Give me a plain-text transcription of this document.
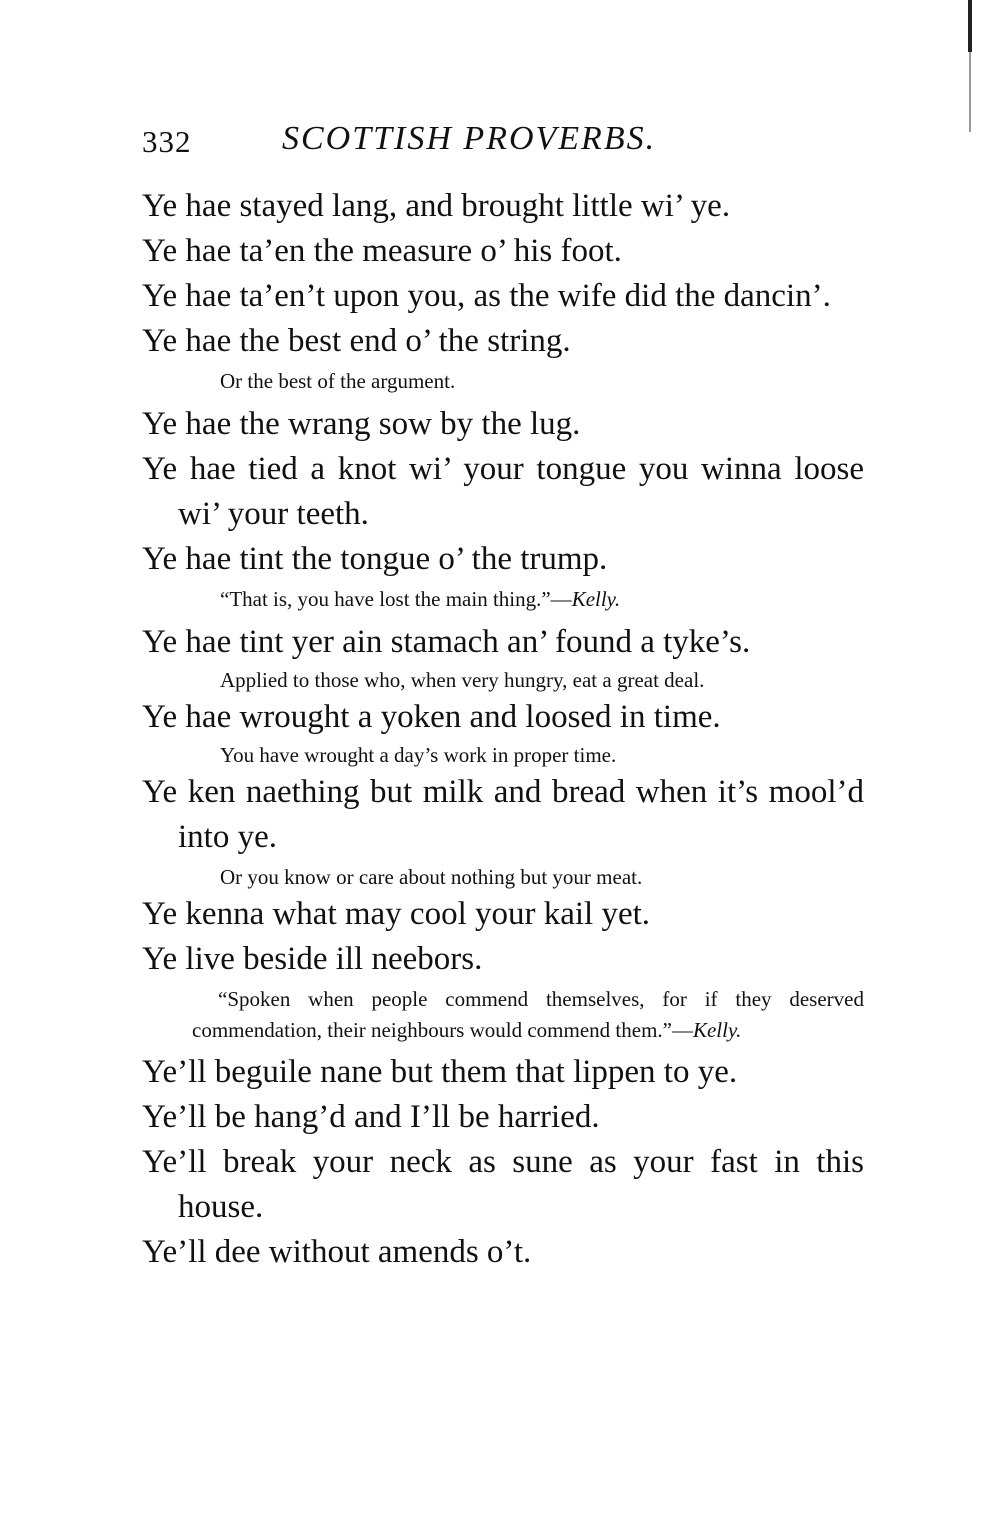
332	SCOTTISH PROVERBS.

Ye hae stayed lang, and brought little wi’ ye.

Ye hae ta’en the measure o’ his foot.

Ye hae ta’en’t upon you, as the wife did the dancin’.

Ye hae the best end o’ the string.

Or the best of the argument.

Ye hae the wrang sow by the lug.

Ye hae tied a knot wi’ your tongue you winna loose wi’ your teeth.

Ye hae tint the tongue o’ the trump.

“That is, you have lost the main thing.”—Kelly.

Ye hae tint yer ain stamach an’ found a tyke’s.

Applied to those who, when very hungry, eat a great deal.

Ye hae wrought a yoken and loosed in time.

You have wrought a day’s work in proper time.

Ye ken naething but milk and bread when it’s mool’d into ye.

Or you know or care about nothing but your meat.

Ye kenna what may cool your kail yet.

Ye live beside ill neebors.

“Spoken when people commend themselves, for if they deserved commendation, their neighbours would commend them.”—Kelly.

Ye’ll beguile nane but them that lippen to ye.

Ye’ll be hang’d and I’ll be harried.

Ye’ll break your neck as sune as your fast in this house.

Ye’ll dee without amends o’t.
